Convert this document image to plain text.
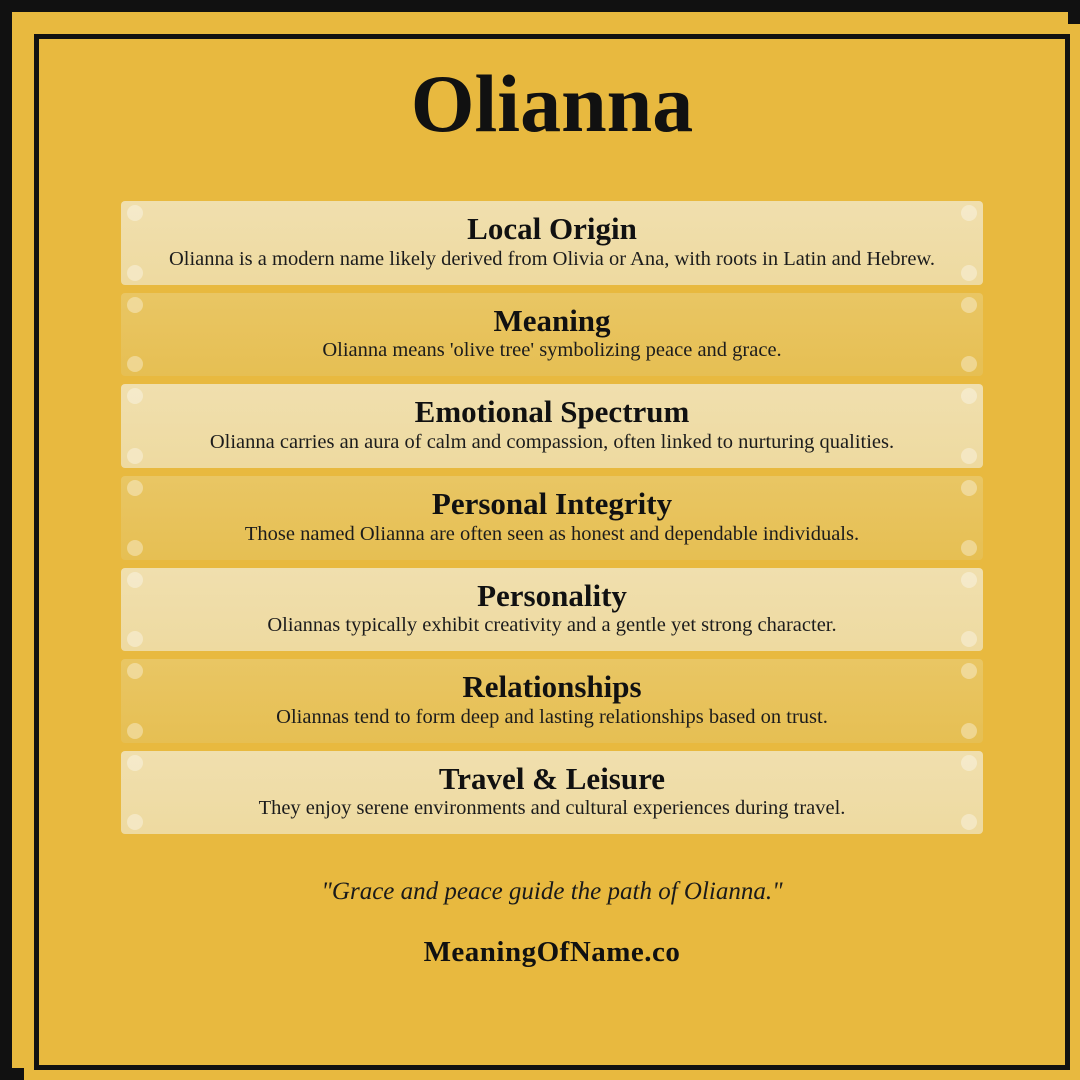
Olianna
Local Origin
Olianna is a modern name likely derived from Olivia or Ana, with roots in Latin and Hebrew.
Meaning
Olianna means 'olive tree' symbolizing peace and grace.
Emotional Spectrum
Olianna carries an aura of calm and compassion, often linked to nurturing qualities.
Personal Integrity
Those named Olianna are often seen as honest and dependable individuals.
Personality
Oliannas typically exhibit creativity and a gentle yet strong character.
Relationships
Oliannas tend to form deep and lasting relationships based on trust.
Travel & Leisure
They enjoy serene environments and cultural experiences during travel.

"Grace and peace guide the path of Olianna."

MeaningOfName.co
